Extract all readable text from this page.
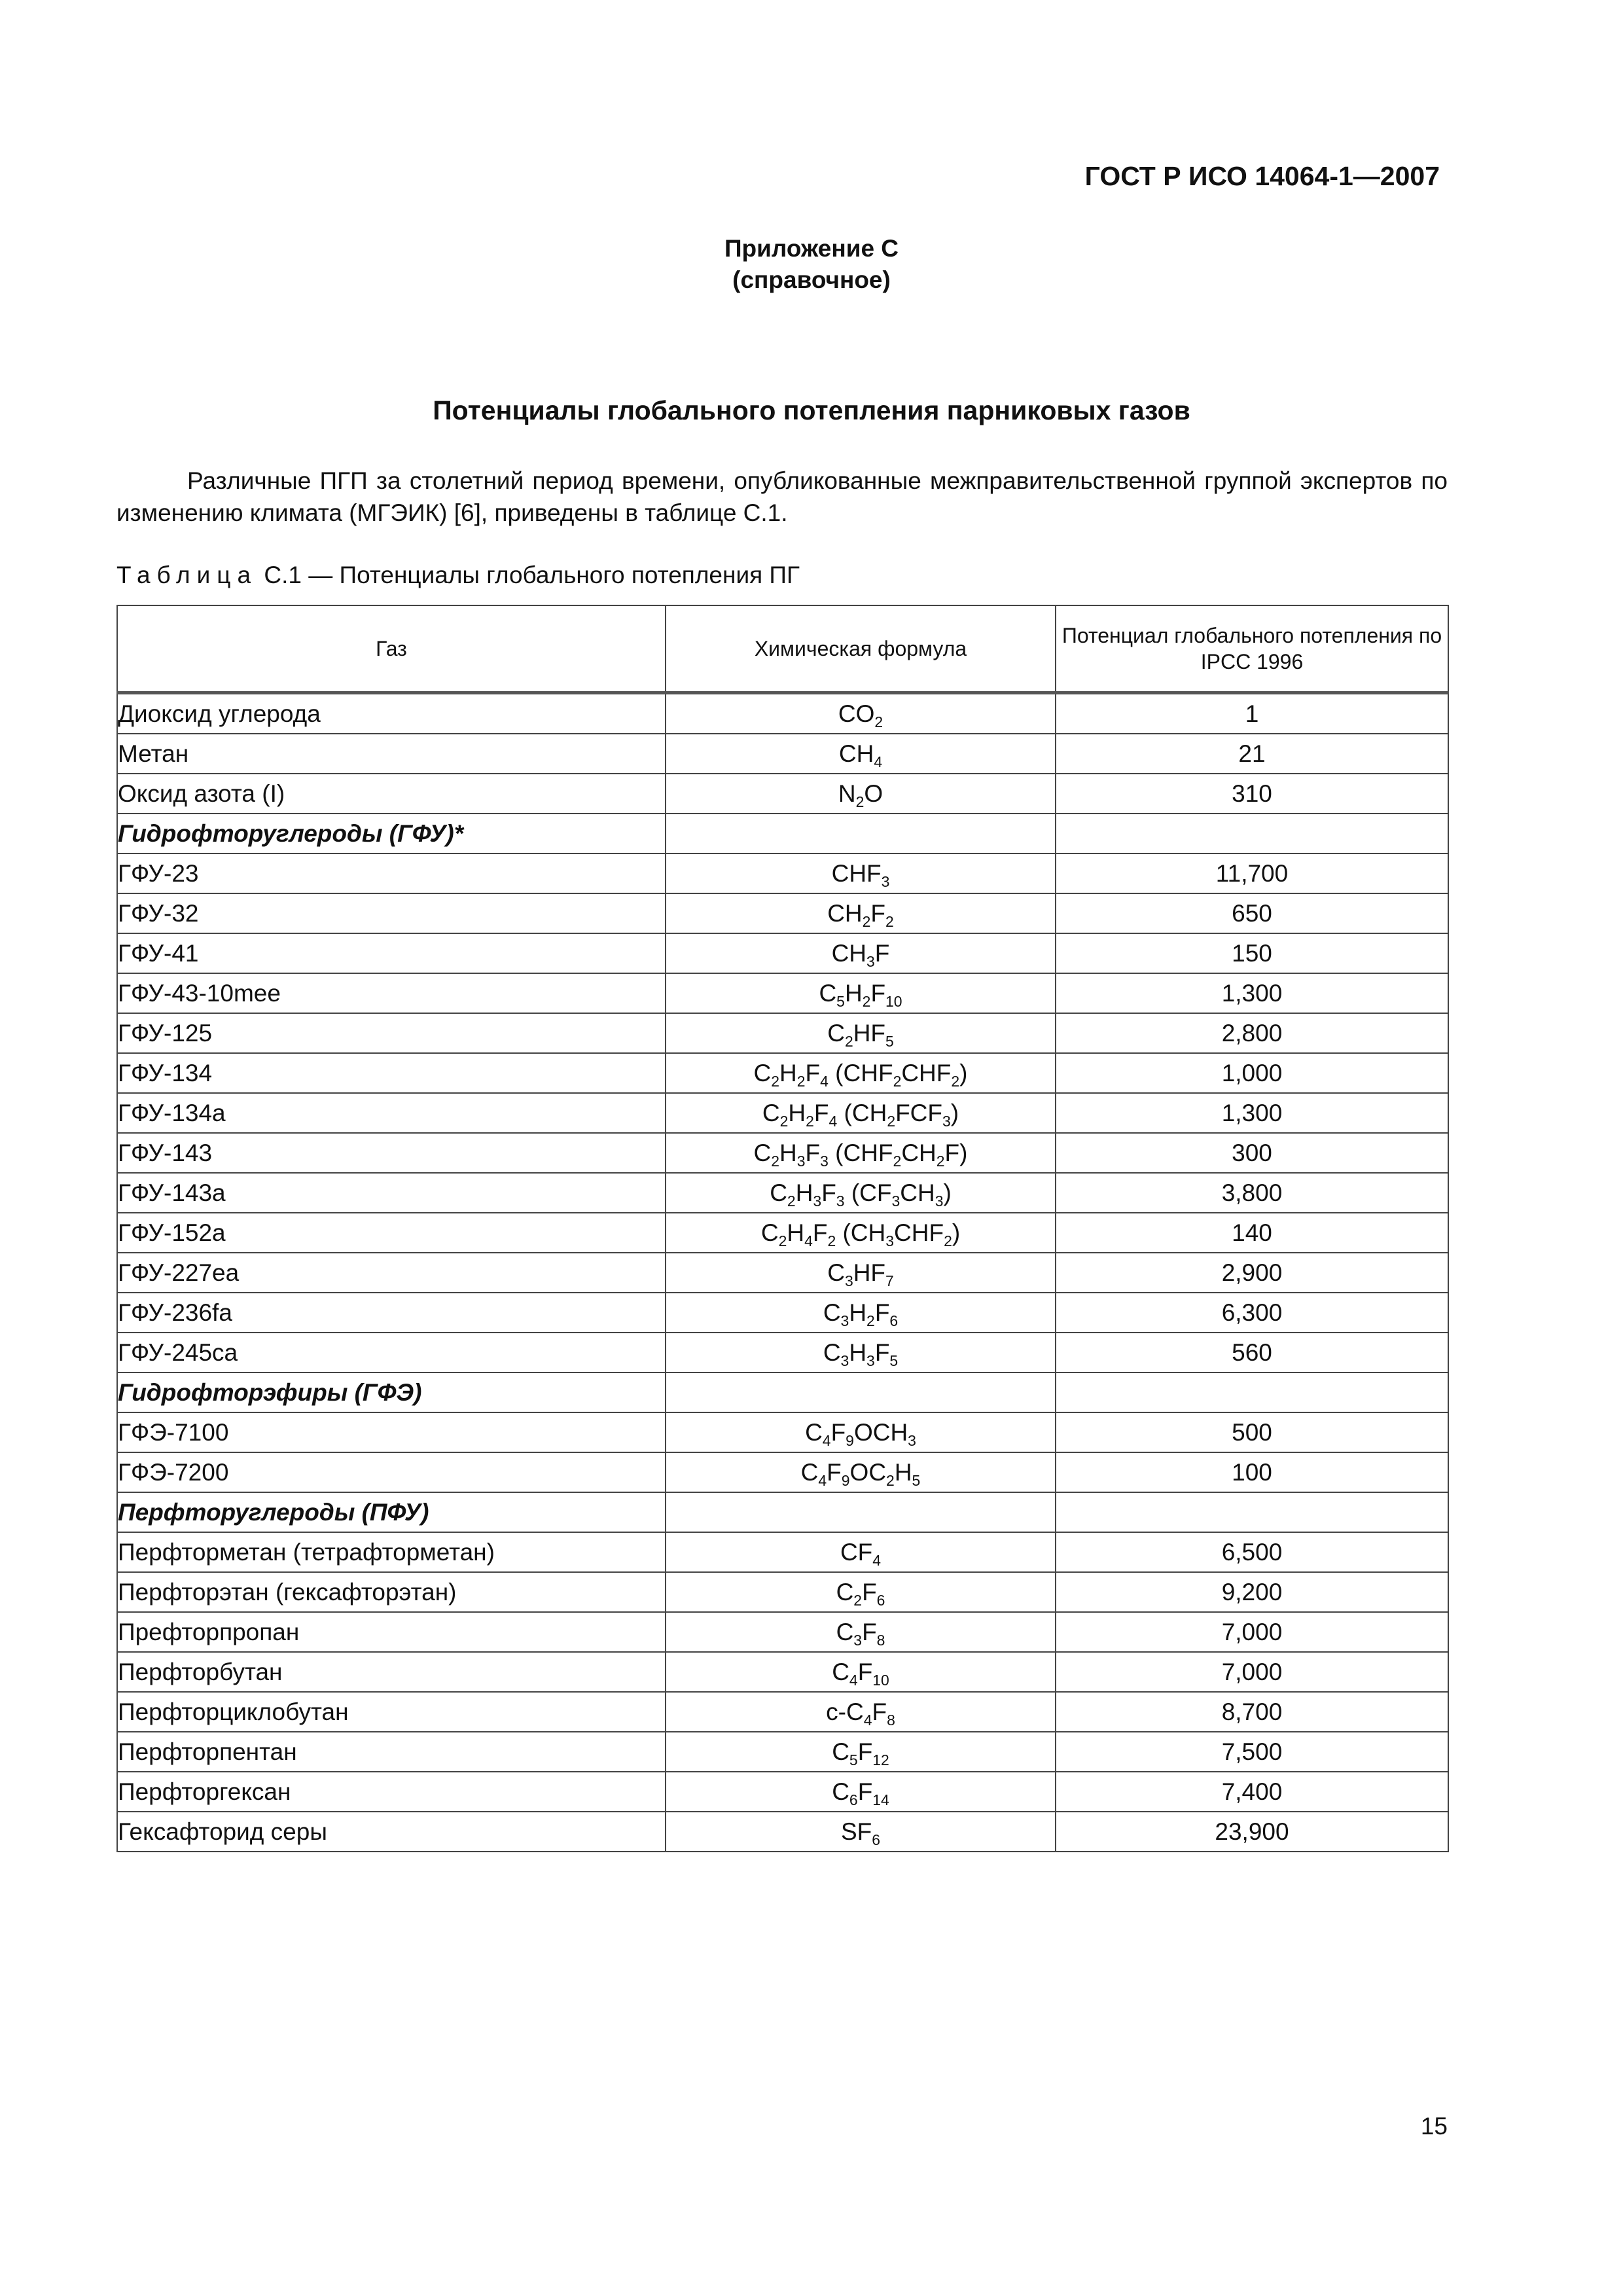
ГОСТ Р ИСО 14064-1—2007
Приложение С
(справочное)
Потенциалы глобального потепления парниковых газов

Различные ПГП за столетний период времени, опубликованные межправительственной группой экспертов по изменению климата (МГЭИК) [6], приведены в таблице С.1.

Таблица С.1 — Потенциалы глобального потепления ПГ
Газ	Химическая формула	Потенциал глобального потепления по IPCC 1996
Диоксид углерода	$CO_2$	1
Метан	$CH_4$	21
Оксид азота (I)	$N_2O$	310
Гидрофторуглероды (ГФУ)*		
ГФУ-23	$CHF_3$	11,700
ГФУ-32	$CH_2F_2$	650
ГФУ-41	$CH_3F$	150
ГФУ-43-10mee	$C_5H_2F_{10}$	1,300
ГФУ-125	$C_2HF_5$	2,800
ГФУ-134	$C_2H_2F_4$ $(CHF_2CHF_2)$	1,000
ГФУ-134a	$C_2H_2F_4$ $(CH_2FCF_3)$	1,300
ГФУ-143	$C_2H_3F_3$ $(CHF_2CH_2F)$	300
ГФУ-143a	$C_2H_3F_3$ $(CF_3CH_3)$	3,800
ГФУ-152a	$C_2H_4F_2$ $(CH_3CHF_2)$	140
ГФУ-227ea	$C_3HF_7$	2,900
ГФУ-236fa	$C_3H_2F_6$	6,300
ГФУ-245ca	$C_3H_3F_5$	560
Гидрофторэфиры (ГФЭ)		
ГФЭ-7100	$C_4F_9OCH_3$	500
ГФЭ-7200	$C_4F_9OC_2H_5$	100
Перфторуглероды (ПФУ)		
Перфторметан (тетрафторметан)	$CF_4$	6,500
Перфторэтан (гексафторэтан)	$C_2F_6$	9,200
Префторпропан	$C_3F_8$	7,000
Перфторбутан	$C_4F_{10}$	7,000
Перфторциклобутан	$c-C_4F_8$	8,700
Перфторпентан	$C_5F_{12}$	7,500
Перфторгексан	$C_6F_{14}$	7,400
Гексафторид серы	$SF_6$	23,900
15
